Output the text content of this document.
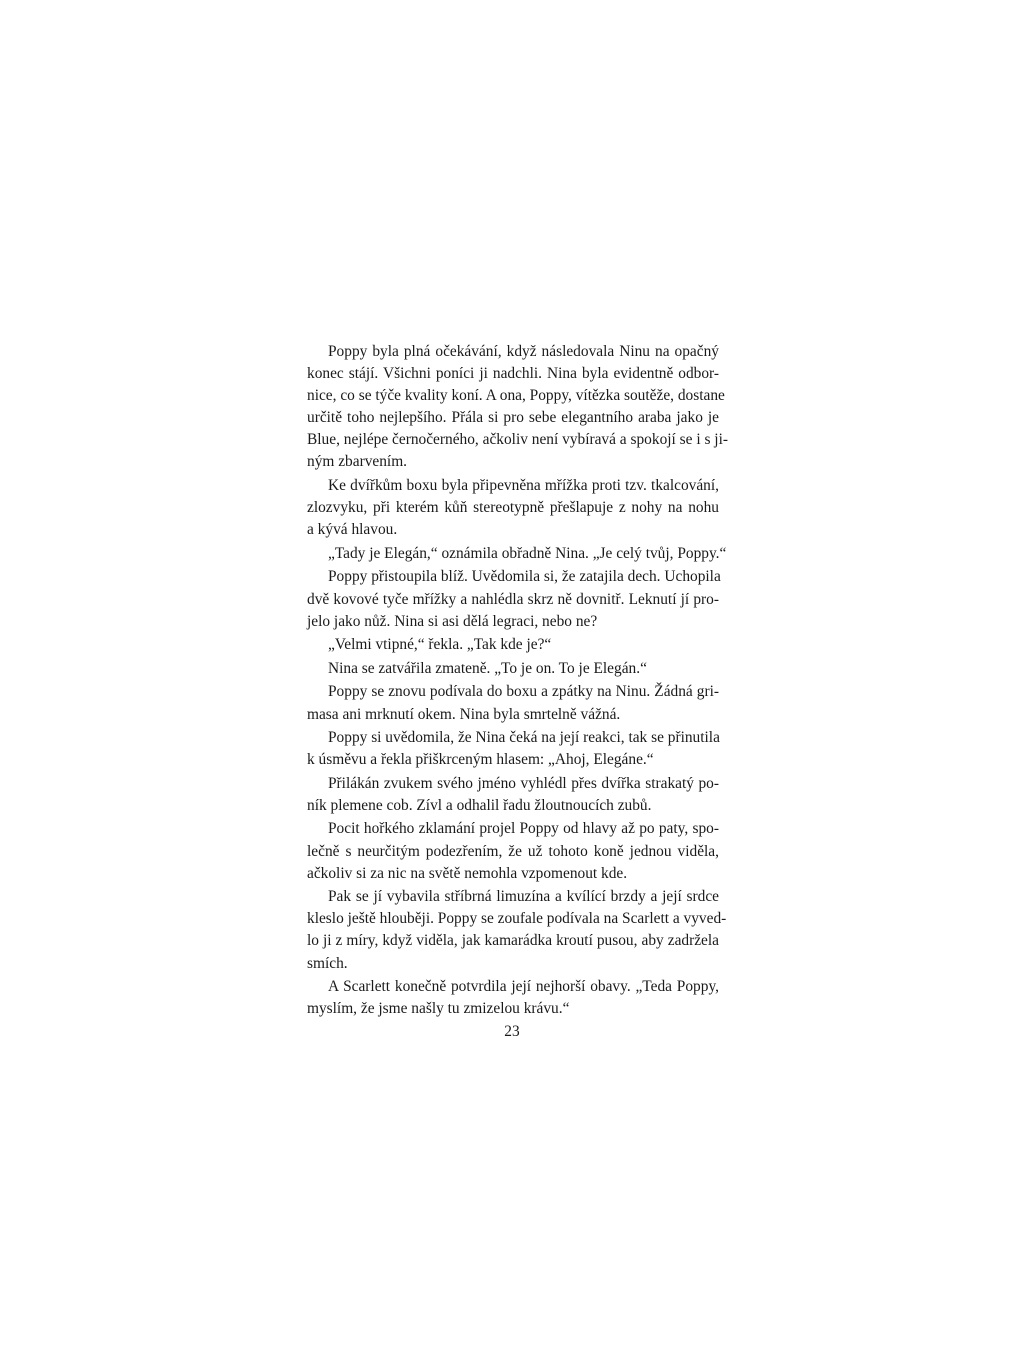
Poppy byla plná očekávání, když následovala Ninu na opačný
konec stájí. Všichni poníci ji nadchli. Nina byla evidentně odbor-
nice, co se týče kvality koní. A ona, Poppy, vítězka soutěže, dostane
určitě toho nejlepšího. Přála si pro sebe elegantního araba jako je
Blue, nejlépe černočerného, ačkoliv není vybíravá a spokojí se i s ji-
ným zbarvením.
Ke dvířkům boxu byla připevněna mřížka proti tzv. tkalcování,
zlozvyku, při kterém kůň stereotypně přešlapuje z nohy na nohu
a kývá hlavou.
„Tady je Elegán,“ oznámila obřadně Nina. „Je celý tvůj, Poppy.“
Poppy přistoupila blíž. Uvědomila si, že zatajila dech. Uchopila
dvě kovové tyče mřížky a nahlédla skrz ně dovnitř. Leknutí jí pro-
jelo jako nůž. Nina si asi dělá legraci, nebo ne?
„Velmi vtipné,“ řekla. „Tak kde je?“
Nina se zatvářila zmateně. „To je on. To je Elegán.“
Poppy se znovu podívala do boxu a zpátky na Ninu. Žádná gri-
masa ani mrknutí okem. Nina byla smrtelně vážná.
Poppy si uvědomila, že Nina čeká na její reakci, tak se přinutila
k úsměvu a řekla přiškrceným hlasem: „Ahoj, Elegáne.“
Přilákán zvukem svého jméno vyhlédl přes dvířka strakatý po-
ník plemene cob. Zívl a odhalil řadu žloutnoucích zubů.
Pocit hořkého zklamání projel Poppy od hlavy až po paty, spo-
lečně s neurčitým podezřením, že už tohoto koně jednou viděla,
ačkoliv si za nic na světě nemohla vzpomenout kde.
Pak se jí vybavila stříbrná limuzína a kvílící brzdy a její srdce
kleslo ještě hlouběji. Poppy se zoufale podívala na Scarlett a vyved-
lo ji z míry, když viděla, jak kamarádka kroutí pusou, aby zadržela
smích.
A Scarlett konečně potvrdila její nejhorší obavy. „Teda Poppy,
myslím, že jsme našly tu zmizelou krávu.“
23
